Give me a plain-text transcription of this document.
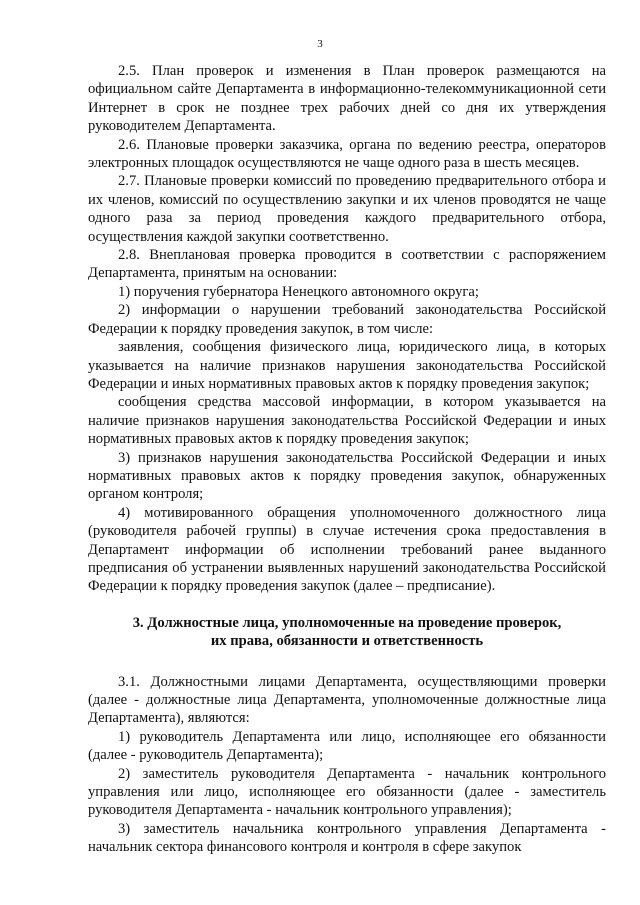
3

2.5. План проверок и изменения в План проверок размещаются на официальном сайте Департамента в информационно-телекоммуникационной сети Интернет в срок не позднее трех рабочих дней со дня их утверждения руководителем Департамента.

2.6. Плановые проверки заказчика, органа по ведению реестра, операторов электронных площадок осуществляются не чаще одного раза в шесть месяцев.

2.7. Плановые проверки комиссий по проведению предварительного отбора и их членов, комиссий по осуществлению закупки и их членов проводятся не чаще одного раза за период проведения каждого предварительного отбора, осуществления каждой закупки соответственно.

2.8. Внеплановая проверка проводится в соответствии с распоряжением Департамента, принятым на основании:

1) поручения губернатора Ненецкого автономного округа;

2) информации о нарушении требований законодательства Российской Федерации к порядку проведения закупок, в том числе:

заявления, сообщения физического лица, юридического лица, в которых указывается на наличие признаков нарушения законодательства Российской Федерации и иных нормативных правовых актов к порядку проведения закупок;

сообщения средства массовой информации, в котором указывается на наличие признаков нарушения законодательства Российской Федерации и иных нормативных правовых актов к порядку проведения закупок;

3) признаков нарушения законодательства Российской Федерации и иных нормативных правовых актов к порядку проведения закупок, обнаруженных органом контроля;

4) мотивированного обращения уполномоченного должностного лица (руководителя рабочей группы) в случае истечения срока предоставления в Департамент информации об исполнении требований ранее выданного предписания об устранении выявленных нарушений законодательства Российской Федерации к порядку проведения закупок (далее – предписание).

3. Должностные лица, уполномоченные на проведение проверок,

их права, обязанности и ответственность

3.1. Должностными лицами Департамента, осуществляющими проверки (далее - должностные лица Департамента, уполномоченные должностные лица Департамента), являются:

1) руководитель Департамента или лицо, исполняющее его обязанности (далее - руководитель Департамента);

2) заместитель руководителя Департамента - начальник контрольного управления или лицо, исполняющее его обязанности (далее - заместитель руководителя Департамента - начальник контрольного управления);

3) заместитель начальника контрольного управления Департамента - начальник сектора финансового контроля и контроля в сфере закупок
